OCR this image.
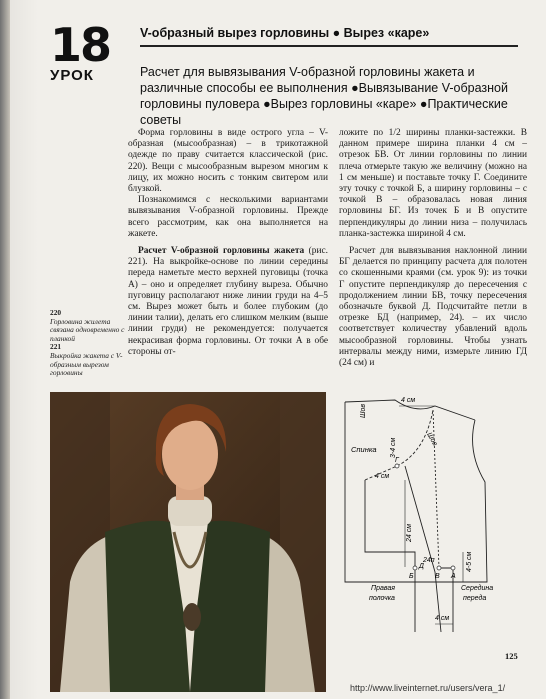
18
УРОК
V-образный вырез горловины ● Вырез «каре»
Расчет для вывязывания V-образной горловины жакета и различные способы ее выполнения ●Вывязывание V-образной горловины пуловера ●Вырез горловины «каре» ●Практические советы

Форма горловины в виде острого угла – V-образная (мысообразная) – в трикотажной одежде по праву считается классической (рис. 220). Вещи с мысообразным вырезом многим к лицу, их можно носить с тонким свитером или блузкой.

Познакомимся с несколькими вариантами вывязывания V-образной горловины. Прежде всего рассмотрим, как она выполняется на жакете.

Расчет V-образной горловины жакета (рис. 221). На выкройке-основе по линии середины переда наметьте место верхней пуговицы (точка А) – оно и определяет глубину выреза. Обычно пуговицу располагают ниже линии груди на 4–5 см. Вырез может быть и более глубоким (до линии талии), делать его слишком мелким (выше линии груди) не рекомендуется: получается некрасивая форма горловины. От точки А в обе стороны от-

ложите по 1/2 ширины планки-застежки. В данном примере ширина планки 4 см – отрезок БВ. От линии горловины по линии плеча отмерьте такую же величину (можно на 1 см меньше) и поставьте точку Г. Соедините эту точку с точкой Б, а ширину горловины – с точкой В – образовалась новая линия горловины БГ. Из точек Б и В опустите перпендикуляры до линии низа – получилась планка-застежка шириной 4 см.

Расчет для вывязывания наклонной линии БГ делается по принципу расчета для полотен со скошенными краями (см. урок 9): из точки Г опустите перпендикуляр до пересечения с продолжением линии БВ, точку пересечения обозначьте буквой Д. Подсчитайте петли в отрезке БД (например, 24). – их число соответствует количеству убавлений вдоль мысообразной горловины. Чтобы узнать интервалы между ними, измерьте линию ГД (24 см) и

220
Горловина жилета связана одновременно с планкой
221
Выкройка жакета с V-образным вырезом горловины
Шов
4 см
3-4 см	Шов
Спинка
4 см
24 см
4-5 см
24п
Б	В А
Д
Г
Правая
полочка
Середина
переда
4 см
125
http://www.liveinternet.ru/users/vera_1/
